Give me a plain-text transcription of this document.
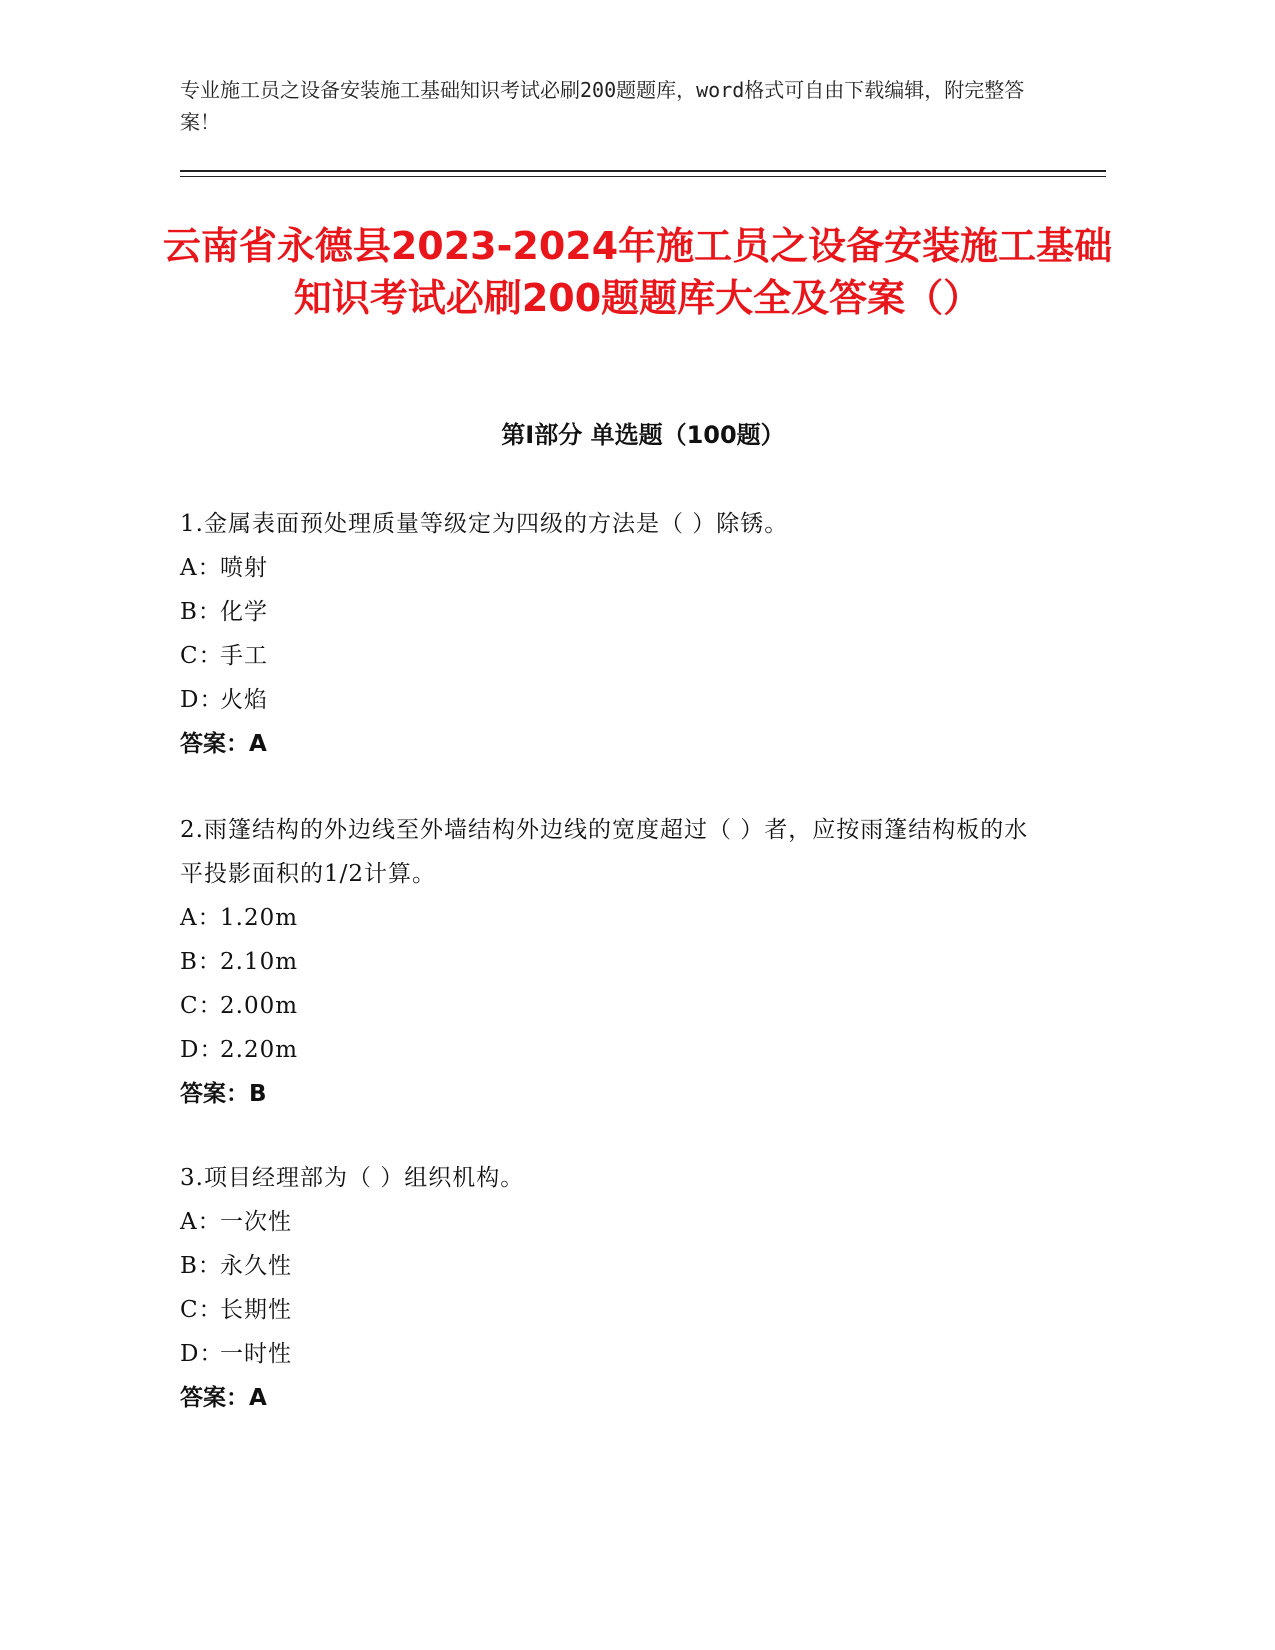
专业施工员之设备安装施工基础知识考试必刷200题题库，word格式可自由下载编辑，附完整答案！

云南省永德县2023-2024年施工员之设备安装施工基础知识考试必刷200题题库大全及答案（）
第Ⅰ部分 单选题（100题）

1.金属表面预处理质量等级定为四级的方法是（ ）除锈。

A：喷射

B：化学

C：手工

D：火焰

答案：A

2.雨篷结构的外边线至外墙结构外边线的宽度超过（ ）者，应按雨篷结构板的水平投影面积的1/2计算。

A：1.20m

B：2.10m

C：2.00m

D：2.20m

答案：B

3.项目经理部为（ ）组织机构。

A：一次性

B：永久性

C：长期性

D：一时性

答案：A
